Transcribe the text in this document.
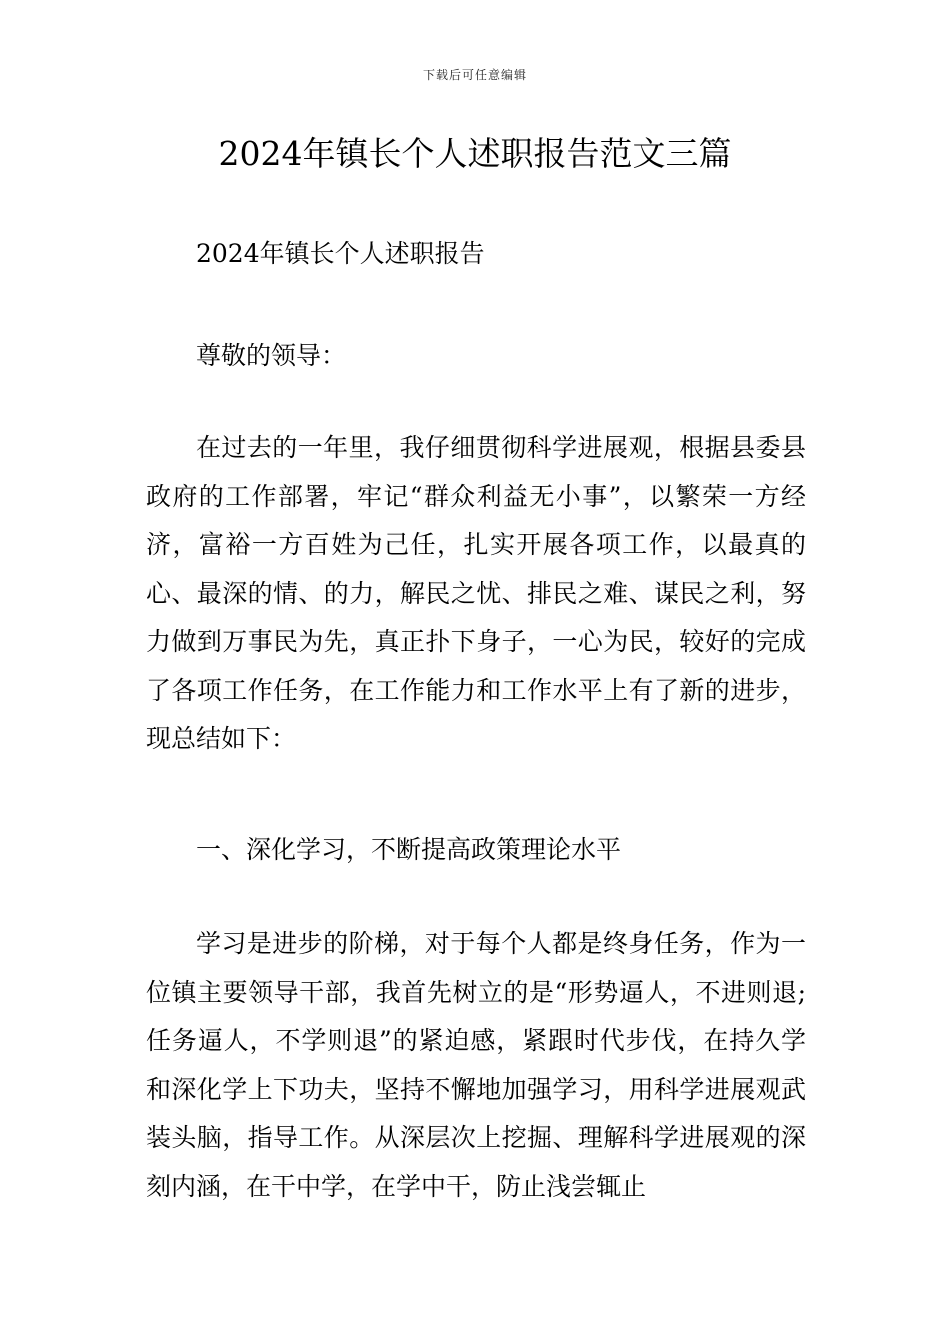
下载后可任意编辑
2024年镇长个人述职报告范文三篇
2024年镇长个人述职报告
尊敬的领导：

在过去的一年里，我仔细贯彻科学进展观，根据县委县政府的工作部署，牢记“群众利益无小事”，以繁荣一方经济，富裕一方百姓为己任，扎实开展各项工作，以最真的心、最深的情、的力，解民之忧、排民之难、谋民之利，努力做到万事民为先，真正扑下身子，一心为民，较好的完成了各项工作任务，在工作能力和工作水平上有了新的进步，现总结如下：

一、深化学习，不断提高政策理论水平

学习是进步的阶梯，对于每个人都是终身任务，作为一位镇主要领导干部，我首先树立的是“形势逼人，不进则退;任务逼人，不学则退”的紧迫感，紧跟时代步伐，在持久学和深化学上下功夫，坚持不懈地加强学习，用科学进展观武装头脑，指导工作。从深层次上挖掘、理解科学进展观的深刻内涵，在干中学，在学中干，防止浅尝辄止
